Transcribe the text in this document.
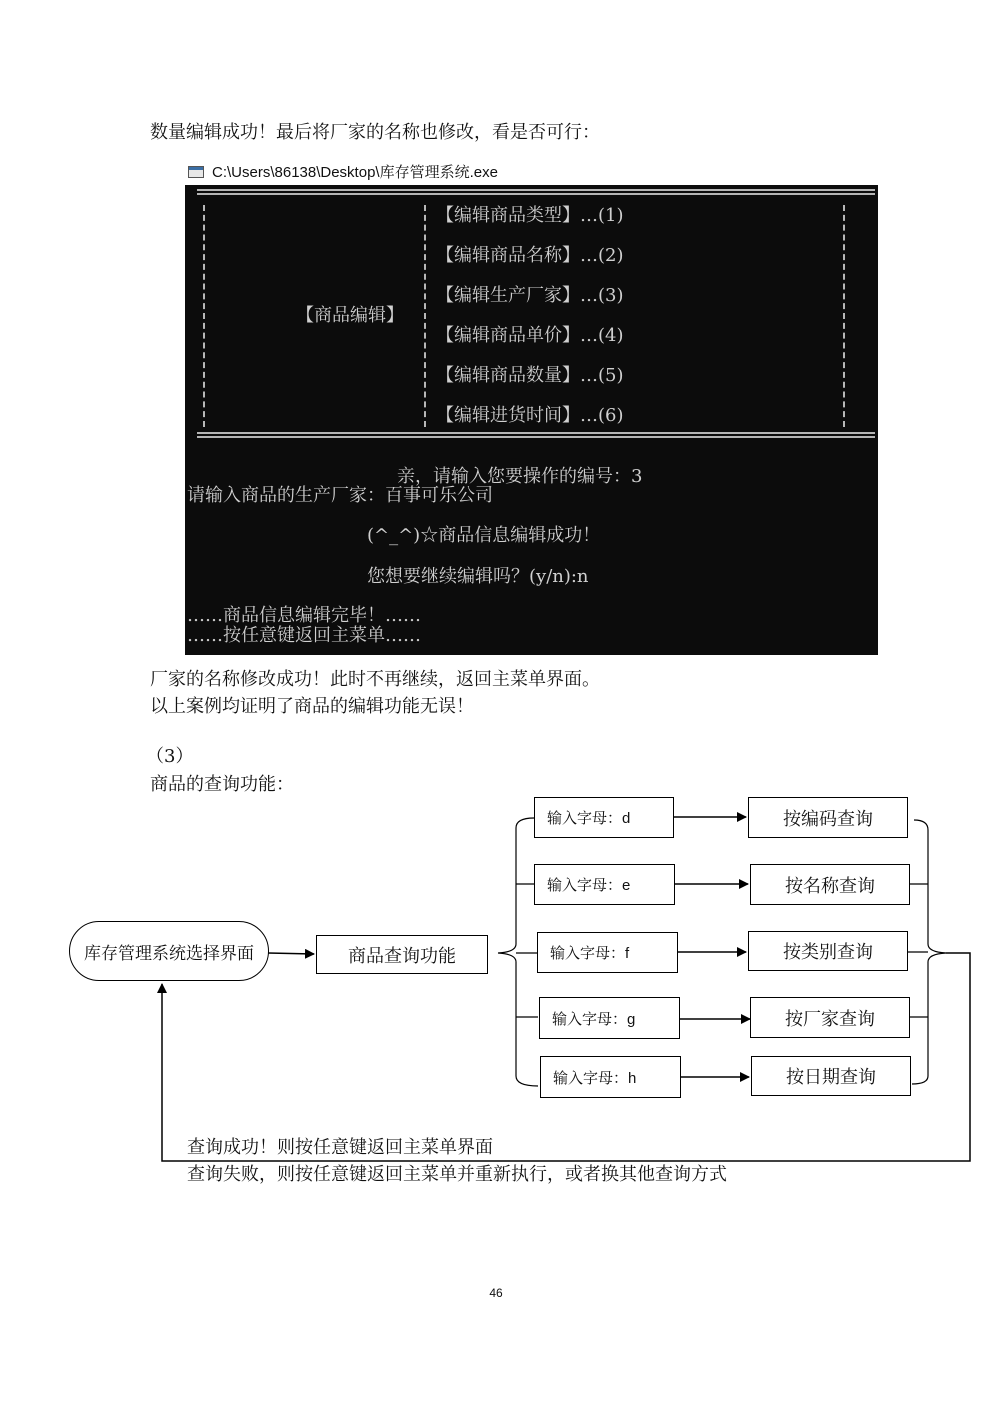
数量编辑成功！最后将厂家的名称也修改，看是否可行：
C:\Users\86138\Desktop\库存管理系统.exe
【商品编辑】
【编辑商品类型】…(1)
【编辑商品名称】…(2)
【编辑生产厂家】…(3)
【编辑商品单价】…(4)
【编辑商品数量】…(5)
【编辑进货时间】…(6)
亲，请输入您要操作的编号：3
请输入商品的生产厂家：百事可乐公司
(^_^)☆商品信息编辑成功！
您想要继续编辑吗？(y/n):n
……商品信息编辑完毕！……
……按任意键返回主菜单……
厂家的名称修改成功！此时不再继续，返回主菜单界面。
以上案例均证明了商品的编辑功能无误！
（3）
商品的查询功能：
库存管理系统选择界面	商品查询功能
输入字母：d
输入字母：e
输入字母：f
输入字母：g
输入字母：h
按编码查询
按名称查询
按类别查询
按厂家查询
按日期查询
查询成功！则按任意键返回主菜单界面
查询失败，则按任意键返回主菜单并重新执行，或者换其他查询方式
46
